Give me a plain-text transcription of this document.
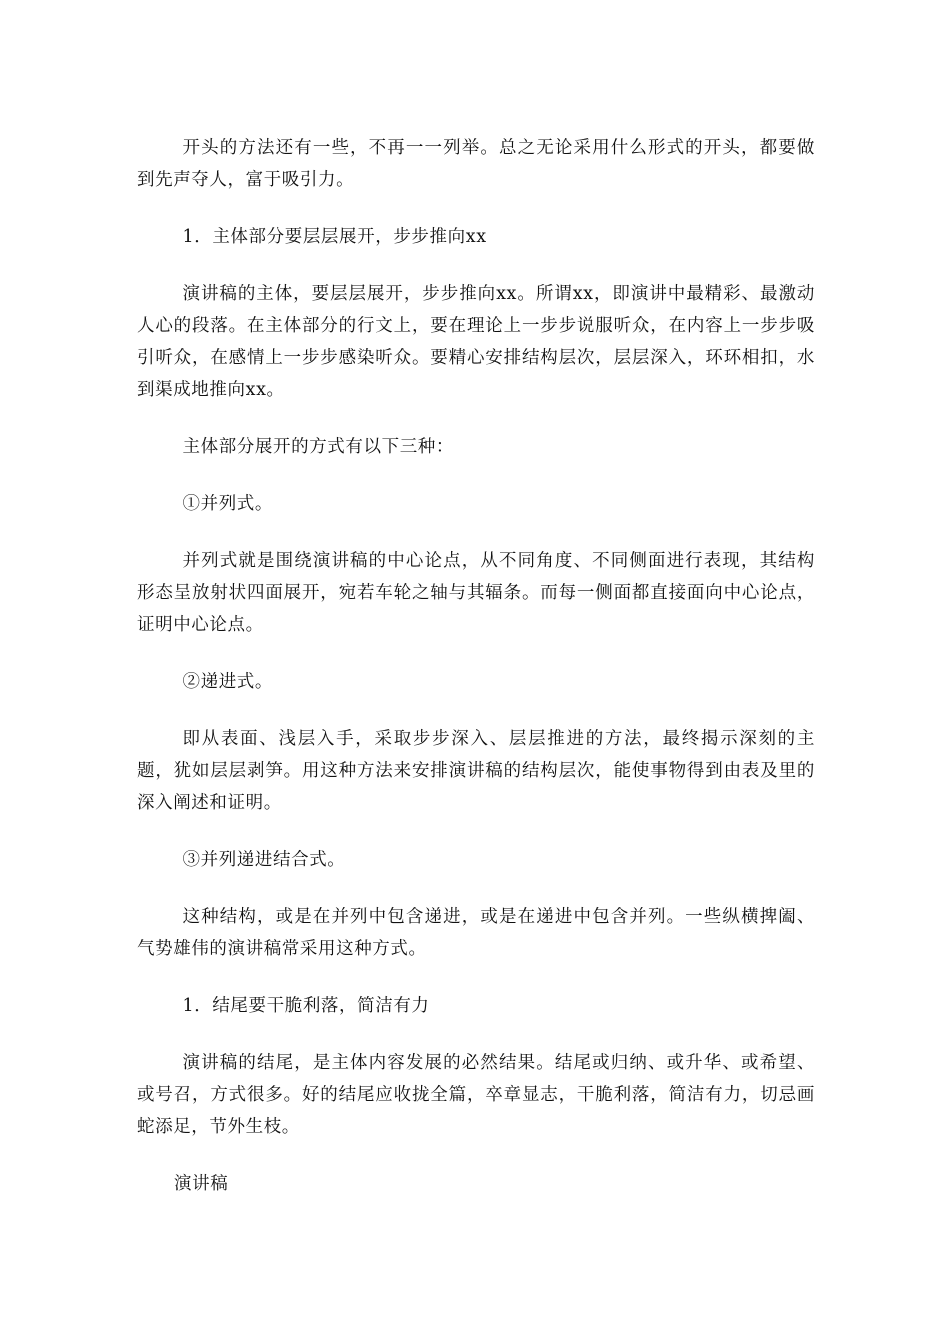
开头的方法还有一些，不再一一列举。总之无论采用什么形式的开头，都要做到先声夺人，富于吸引力。

1．主体部分要层层展开，步步推向xx

演讲稿的主体，要层层展开，步步推向xx。所谓xx，即演讲中最精彩、最激动人心的段落。在主体部分的行文上，要在理论上一步步说服听众，在内容上一步步吸引听众，在感情上一步步感染听众。要精心安排结构层次，层层深入，环环相扣，水到渠成地推向xx。

主体部分展开的方式有以下三种：

①并列式。

并列式就是围绕演讲稿的中心论点，从不同角度、不同侧面进行表现，其结构形态呈放射状四面展开，宛若车轮之轴与其辐条。而每一侧面都直接面向中心论点，证明中心论点。

②递进式。

即从表面、浅层入手，采取步步深入、层层推进的方法，最终揭示深刻的主题，犹如层层剥笋。用这种方法来安排演讲稿的结构层次，能使事物得到由表及里的深入阐述和证明。

③并列递进结合式。

这种结构，或是在并列中包含递进，或是在递进中包含并列。一些纵横捭阖、气势雄伟的演讲稿常采用这种方式。

1．结尾要干脆利落，简洁有力

演讲稿的结尾，是主体内容发展的必然结果。结尾或归纳、或升华、或希望、或号召，方式很多。好的结尾应收拢全篇，卒章显志，干脆利落，简洁有力，切忌画蛇添足，节外生枝。

演讲稿
